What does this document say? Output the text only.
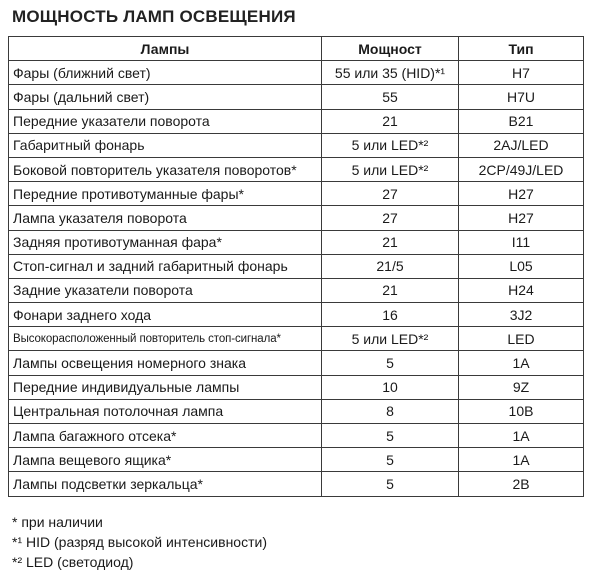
МОЩНОСТЬ ЛАМП ОСВЕЩЕНИЯ
Лампы	Мощност	Тип
Фары (ближний свет)	55 или 35 (HID)*¹	H7
Фары (дальний свет)	55	H7U
Передние указатели поворота	21	B21
Габаритный фонарь	5 или LED*²	2AJ/LED
Боковой повторитель указателя поворотов*	5 или LED*²	2CP/49J/LED
Передние противотуманные фары*	27	H27
Лампа указателя поворота	27	H27
Задняя противотуманная фара*	21	I11
Стоп-сигнал и задний габаритный фонарь	21/5	L05
Задние указатели поворота	21	H24
Фонари заднего хода	16	3J2
Высокорасположенный повторитель стоп-сигнала*	5 или LED*²	LED
Лампы освещения номерного знака	5	1A
Передние индивидуальные лампы	10	9Z
Центральная потолочная лампа	8	10B
Лампа багажного отсека*	5	1A
Лампа вещевого ящика*	5	1A
Лампы подсветки зеркальца*	5	2B
* при наличии
*¹ HID (разряд высокой интенсивности)
*² LED (светодиод)
